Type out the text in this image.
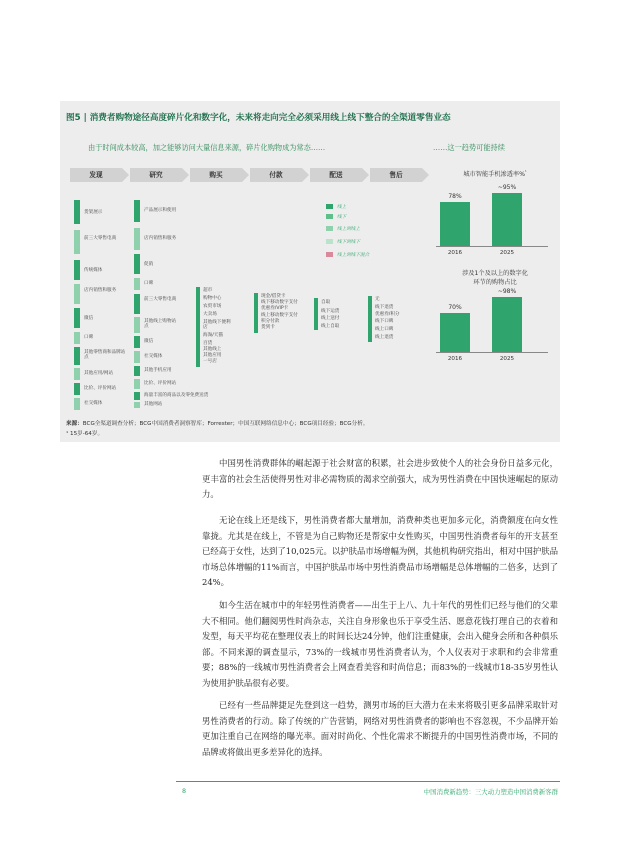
图5 | 消费者购物途径高度碎片化和数字化，未来将走向完全必须采用线上线下整合的全渠道零售业态
由于时间成本较高，加之能够访问大量信息来源，碎片化购物成为常态……	……这一趋势可能持续
发现	研究	购买	付款	配送	售后
货架展示
前三大零售电商
传统媒体
店内销售和服务
微信
口碑
其他零售商和品牌站点
其他应用/网站
比价、评价网站
社交媒体
产品展示和使用
店内销售和服务
促销
口碑
前三大零售电商
其他线上购物站点
微信
社交媒体
其他手机应用
比价、评价网站
海量丰富的商品以及零免费送货
其他网站
超市
购物中心
农贸市场
大卖场
其他线下便利店
海淘/天猫
百货
其他线上
其他应用
一号店
现金/借贷卡
线下移动数字支付
优惠券/VIP卡
线上移动数字支付
积分付款
货到卡
自取
线下运货
线上送付
线上自取
无
线下退货
优惠券/积分
线下口碑
线上口碑
线上退货
线上
线下
线上到线上
线下到线下
线上到线下混合
城市智能手机渗透率%$^{^1}$
78%
2016
~95%
2025
涉及1个及以上的数字化
环节的购物占比
70%
2016
~98%
2025
来源：BCG全渠道调查分析；BCG中国消费者洞察智库；Forrester；中国互联网络信息中心；BCG项目经验；BCG分析。
¹ 15岁-64岁。

中国男性消费群体的崛起源于社会财富的积累，社会进步致使个人的社会身份日益多元化，更丰富的社会生活使得男性对非必需物质的渴求空前强大，成为男性消费在中国快速崛起的原动力。

无论在线上还是线下，男性消费者都大量增加，消费种类也更加多元化，消费额度在向女性靠拢。尤其是在线上，不管是为自己购物还是帮家中女性购买，中国男性消费者每年的开支甚至已经高于女性，达到了10,025元。以护肤品市场增幅为例，其他机构研究指出，相对中国护肤品市场总体增幅的11%而言，中国护肤品市场中男性消费品市场增幅是总体增幅的二倍多，达到了24%。

如今生活在城市中的年轻男性消费者——出生于上八、九十年代的男性们已经与他们的父辈大不相同。他们翻阅男性时尚杂志，关注自身形象也乐于享受生活、愿意花钱打理自己的衣着和发型，每天平均花在整理仪表上的时间长达24分钟，他们注重健康，会出入健身会所和各种俱乐部。不同来源的调查显示，73%的一线城市男性消费者认为，个人仪表对于求职和约会非常重要；88%的一线城市男性消费者会上网查看美容和时尚信息；而83%的一线城市18-35岁男性认为使用护肤品很有必要。

已经有一些品牌捷足先登到这一趋势，测男市场的巨大潜力在未来将吸引更多品牌采取针对男性消费者的行动。除了传统的广告营销，网络对男性消费者的影响也不容忽视，不少品牌开始更加注重自己在网络的曝光率。面对时尚化、个性化需求不断提升的中国男性消费市场，不同的品牌或将做出更多差异化的选择。

8	中国消费新趋势：三大动力塑造中国消费新客群
